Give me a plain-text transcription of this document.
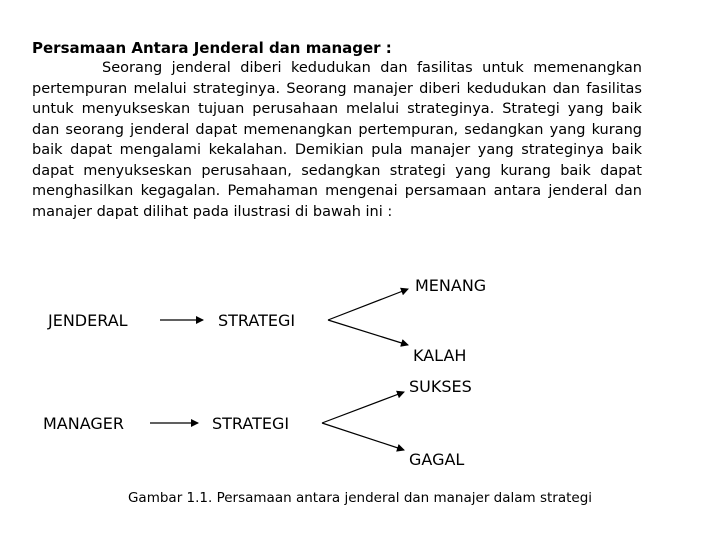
Persamaan Antara Jenderal dan manager :

Seorang jenderal diberi kedudukan dan fasilitas untuk memenangkan pertempuran melalui strateginya. Seorang manajer diberi kedudukan dan fasilitas untuk menyukseskan tujuan perusahaan melalui strateginya. Strategi yang baik dan seorang jenderal dapat memenangkan pertempuran, sedangkan yang kurang baik dapat mengalami kekalahan. Demikian pula manajer yang strateginya baik dapat menyukseskan perusahaan, sedangkan strategi yang kurang baik dapat menghasilkan kegagalan. Pemahaman mengenai persamaan antara jenderal dan manajer dapat dilihat pada ilustrasi di bawah ini :

JENDERAL	STRATEGI
MENANG
KALAH
MANAGER	STRATEGI
SUKSES
GAGAL
Gambar 1.1. Persamaan antara jenderal dan manajer dalam strategi
